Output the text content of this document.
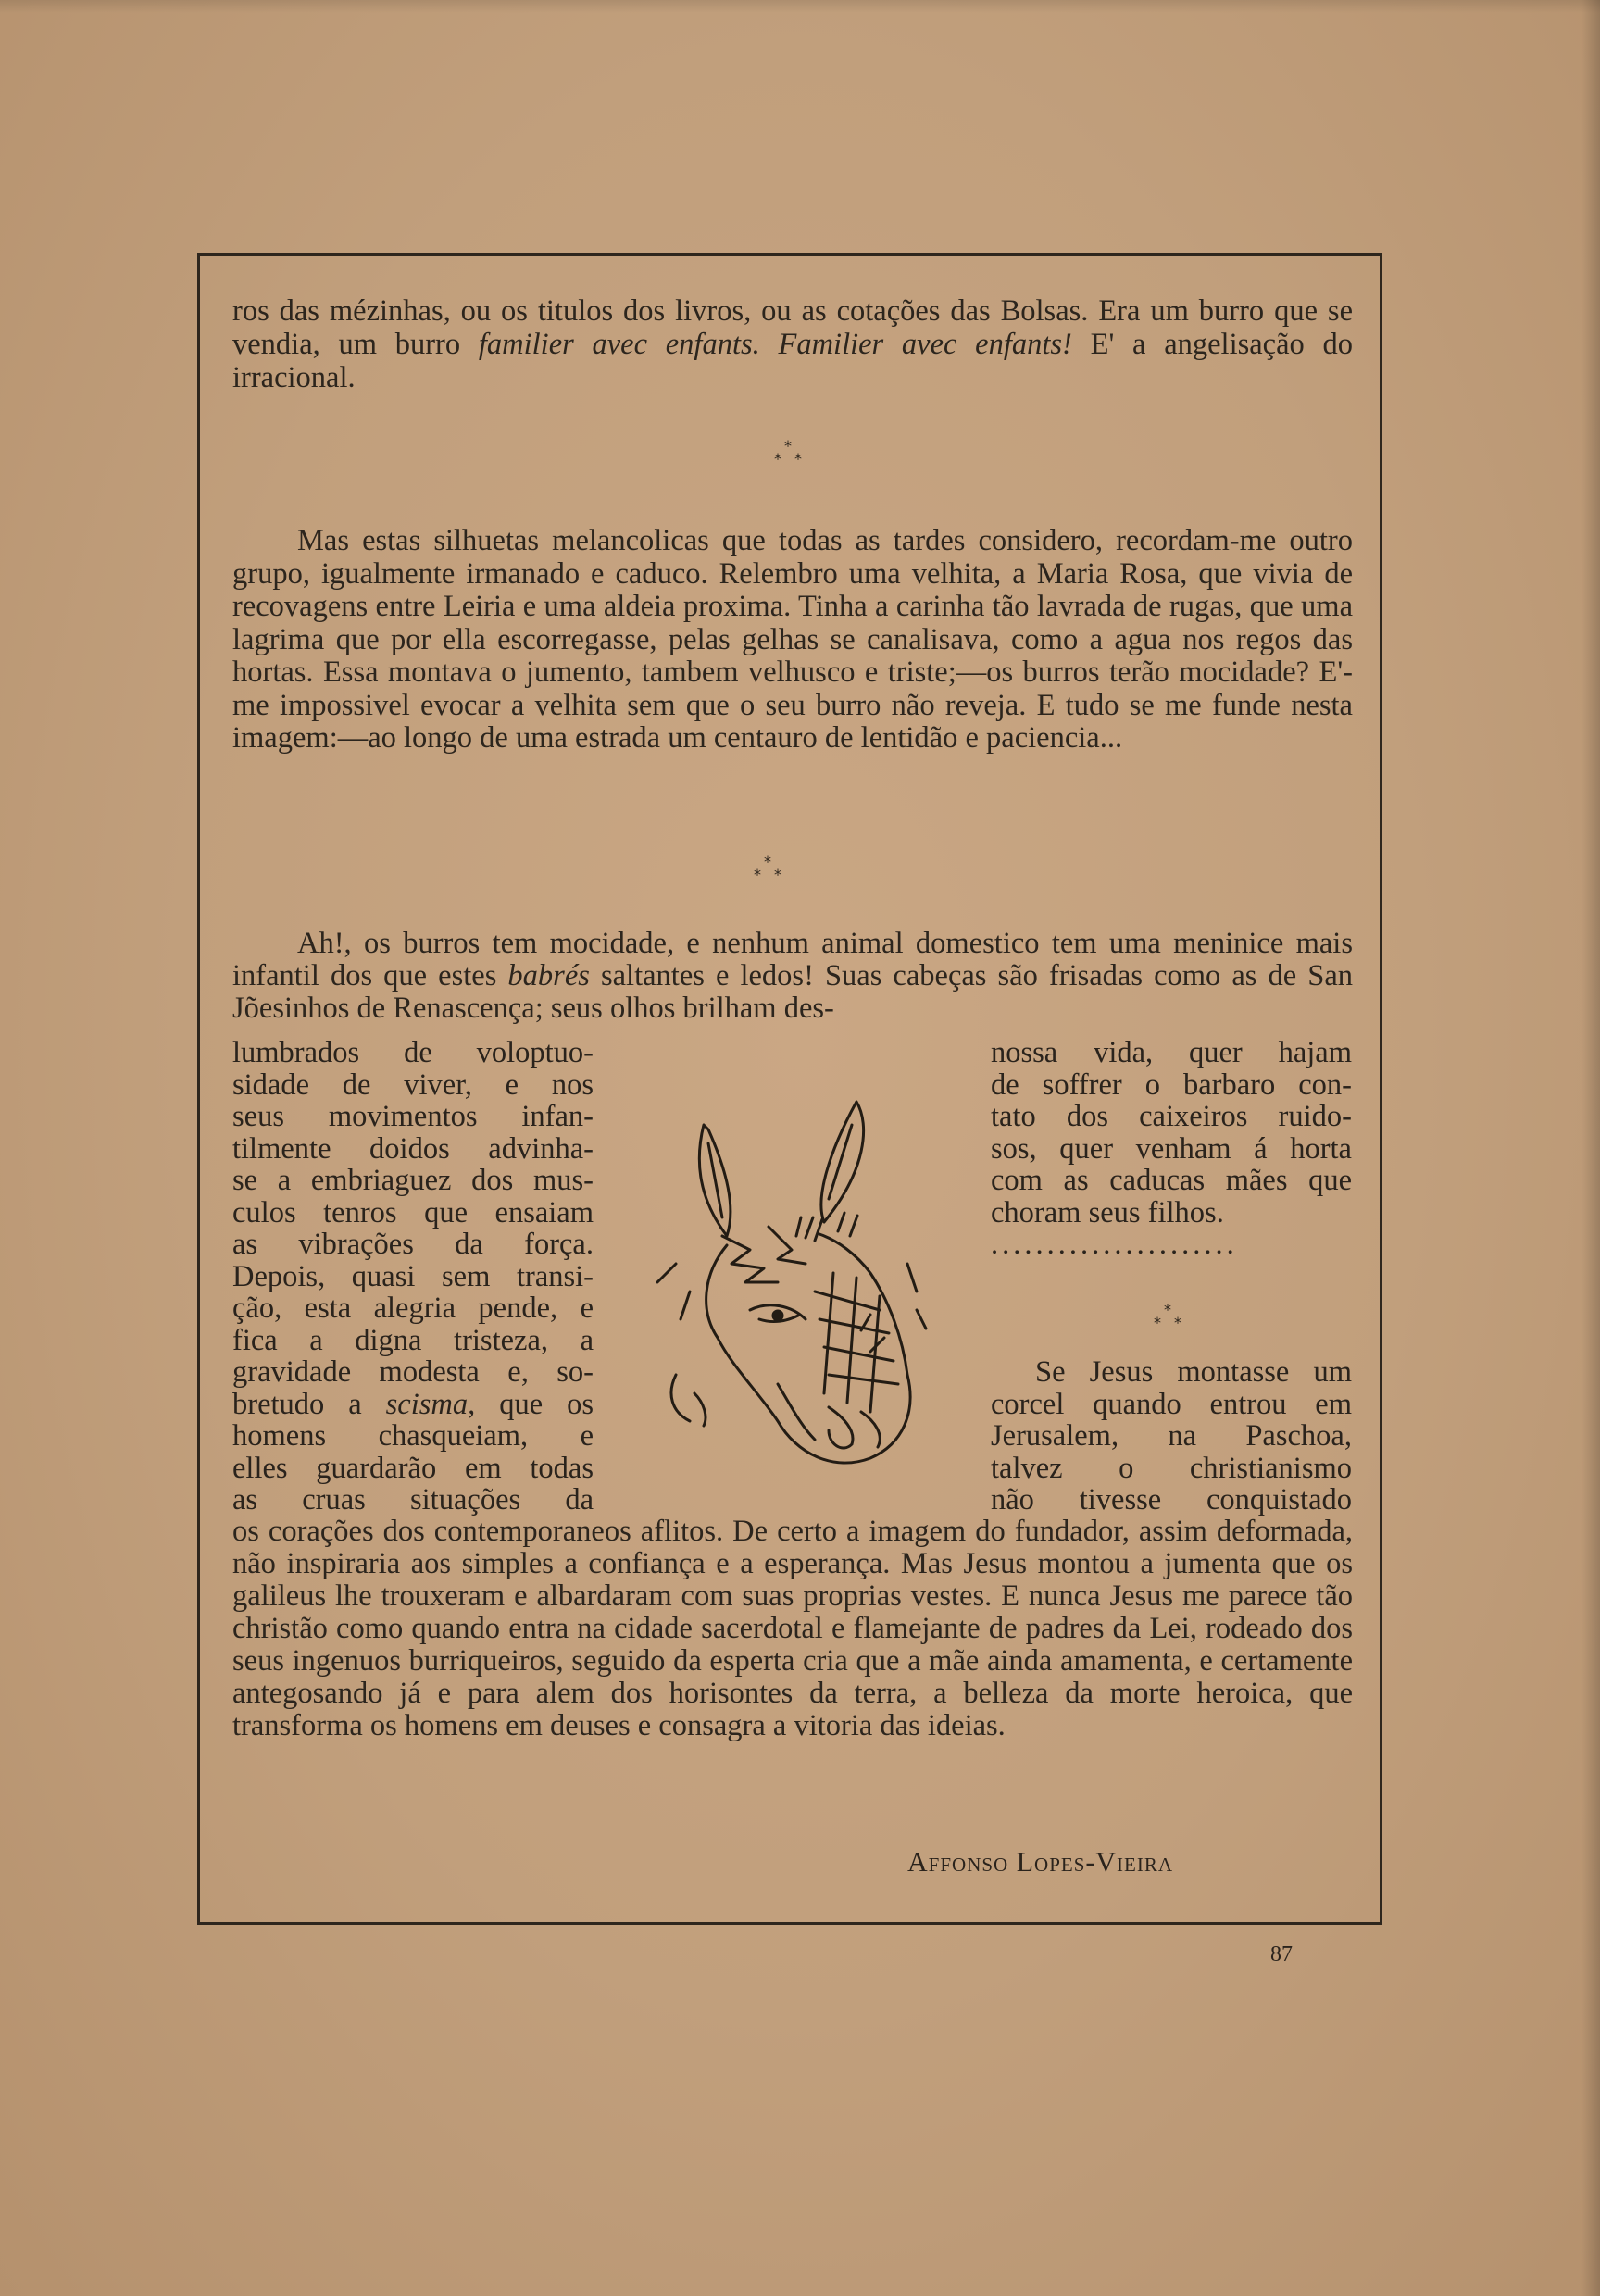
ros das mézinhas, ou os titulos dos livros, ou as cotações das Bolsas. Era um burro que se vendia, um burro familier avec enfants. Familier avec enfants! E' a angelisação do irracional.

*
* *

Mas estas silhuetas melancolicas que todas as tardes considero, recordam-me outro grupo, igualmente irmanado e caduco. Relembro uma velhita, a Maria Rosa, que vivia de recovagens entre Leiria e uma aldeia proxima. Tinha a carinha tão lavrada de rugas, que uma lagrima que por ella escorregasse, pelas gelhas se canalisava, como a agua nos regos das hortas. Essa montava o jumento, tambem velhusco e triste;—os burros terão mocidade? E'-me impossivel evocar a velhita sem que o seu burro não reveja. E tudo se me funde nesta imagem:—ao longo de uma estrada um centauro de lentidão e paciencia...

*
* *

Ah!, os burros tem mocidade, e nenhum animal domestico tem uma meninice mais infantil dos que estes babrés saltantes e ledos! Suas cabeças são frisadas como as de San Jõesinhos de Renascença; seus olhos brilham des-

lumbrados de voloptuo-
sidade de viver, e nos
seus movimentos infan-
tilmente doidos advinha-
se a embriaguez dos mus-
culos tenros que ensaiam
as vibrações da força.
Depois, quasi sem transi-
ção, esta alegria pende, e
fica a digna tristeza, a
gravidade modesta e, so-
bretudo a scisma, que os
homens chasqueiam, e
elles guardarão em todas
as cruas situações da
nossa vida, quer hajam
de soffrer o barbaro con-
tato dos caixeiros ruido-
sos, quer venham á horta
com as caducas mães que
choram seus filhos.
......................
*
* *
Se Jesus montasse um
corcel quando entrou em
Jerusalem, na Paschoa,
talvez o christianismo
não tivesse conquistado

os corações dos contemporaneos aflitos. De certo a imagem do fundador, assim deformada, não inspiraria aos simples a confiança e a esperança. Mas Jesus montou a jumenta que os galileus lhe trouxeram e albardaram com suas proprias vestes. E nunca Jesus me parece tão christão como quando entra na cidade sacerdotal e flamejante de padres da Lei, rodeado dos seus ingenuos burriqueiros, seguido da esperta cria que a mãe ainda amamenta, e certamente antegosando já e para alem dos horisontes da terra, a belleza da morte heroica, que transforma os homens em deuses e consagra a vitoria das ideias.

Affonso Lopes-Vieira
87
